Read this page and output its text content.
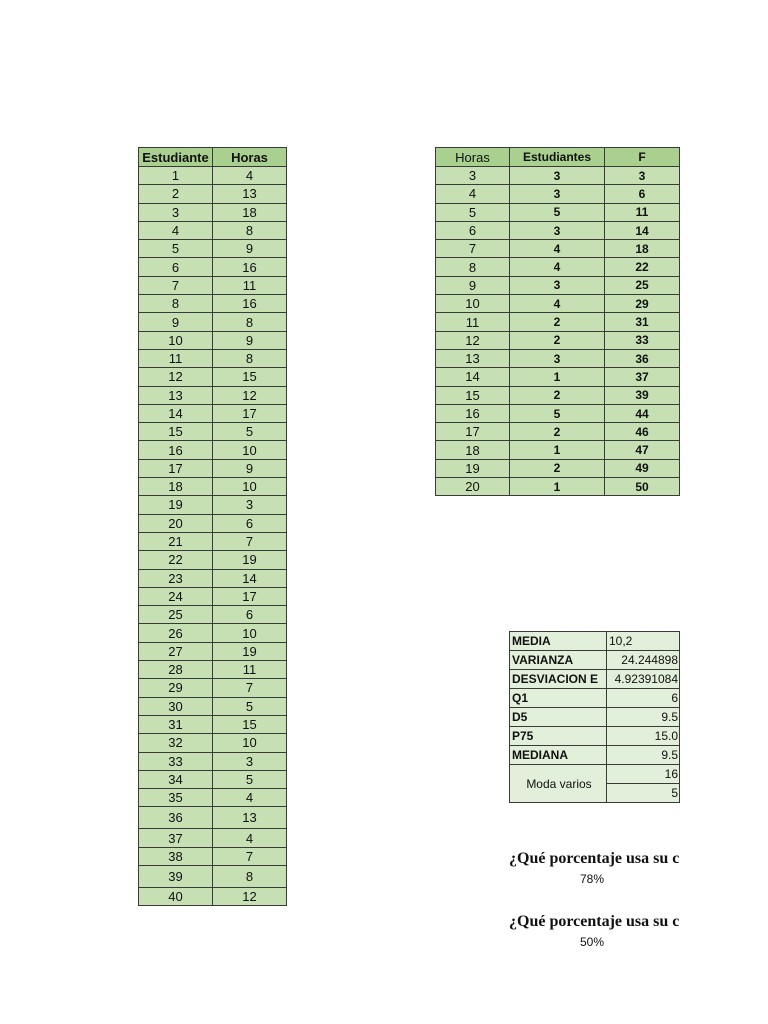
Estudiante	Horas
1	4
2	13
3	18
4	8
5	9
6	16
7	11
8	16
9	8
10	9
11	8
12	15
13	12
14	17
15	5
16	10
17	9
18	10
19	3
20	6
21	7
22	19
23	14
24	17
25	6
26	10
27	19
28	11
29	7
30	5
31	15
32	10
33	3
34	5
35	4
36	13
37	4
38	7
39	8
40	12
Horas	Estudiantes	F
3	3	3
4	3	6
5	5	11
6	3	14
7	4	18
8	4	22
9	3	25
10	4	29
11	2	31
12	2	33
13	3	36
14	1	37
15	2	39
16	5	44
17	2	46
18	1	47
19	2	49
20	1	50
MEDIA	10,2
VARIANZA	24.244898
DESVIACION E	4.92391084
Q1	6
D5	9.5
P75	15.0
MEDIANA	9.5
Moda varios	16
	5
¿Qué porcentaje usa su c
78%
¿Qué porcentaje usa su c
50%
